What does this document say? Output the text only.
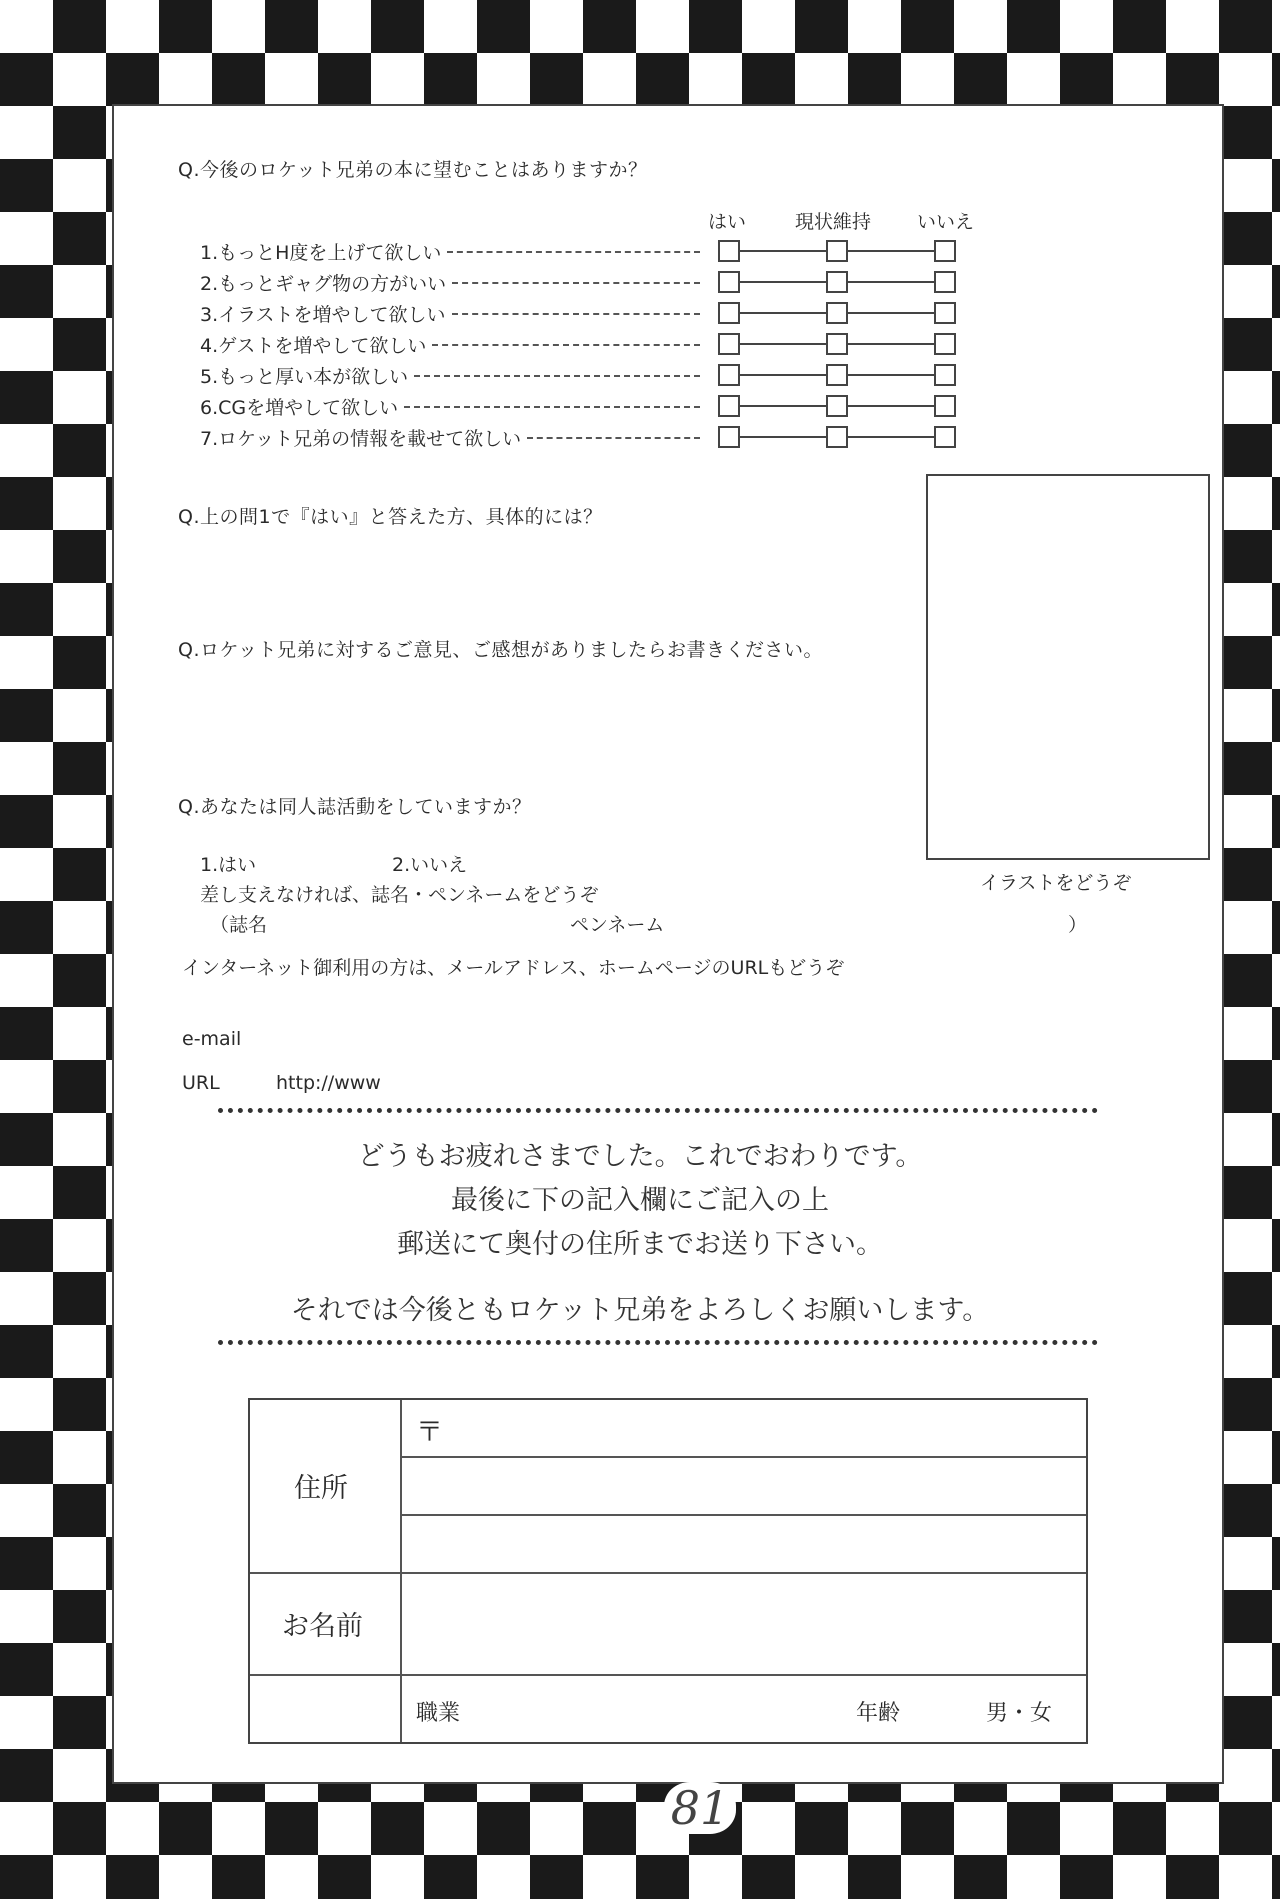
Q.今後のロケット兄弟の本に望むことはありますか？
はい	現状維持 いいえ
1.もっとH度を上げて欲しい
2.もっとギャグ物の方がいい
3.イラストを増やして欲しい
4.ゲストを増やして欲しい
5.もっと厚い本が欲しい
6.CGを増やして欲しい
7.ロケット兄弟の情報を載せて欲しい
イラストをどうぞ
Q.上の問1で『はい』と答えた方、具体的には？
Q.ロケット兄弟に対するご意見、ご感想がありましたらお書きください。
Q.あなたは同人誌活動をしていますか？
1.はい	2.いいえ
差し支えなければ、誌名・ペンネームをどうぞ
（誌名	ペンネーム	）
インターネット御利用の方は、メールアドレス、ホームページのURLもどうぞ
e-mail
URL	http://www
どうもお疲れさまでした。これでおわりです。
最後に下の記入欄にご記入の上
郵送にて奥付の住所までお送り下さい。
それでは今後ともロケット兄弟をよろしくお願いします。
住所
〒
お名前
職業	年齢	男・女
81
